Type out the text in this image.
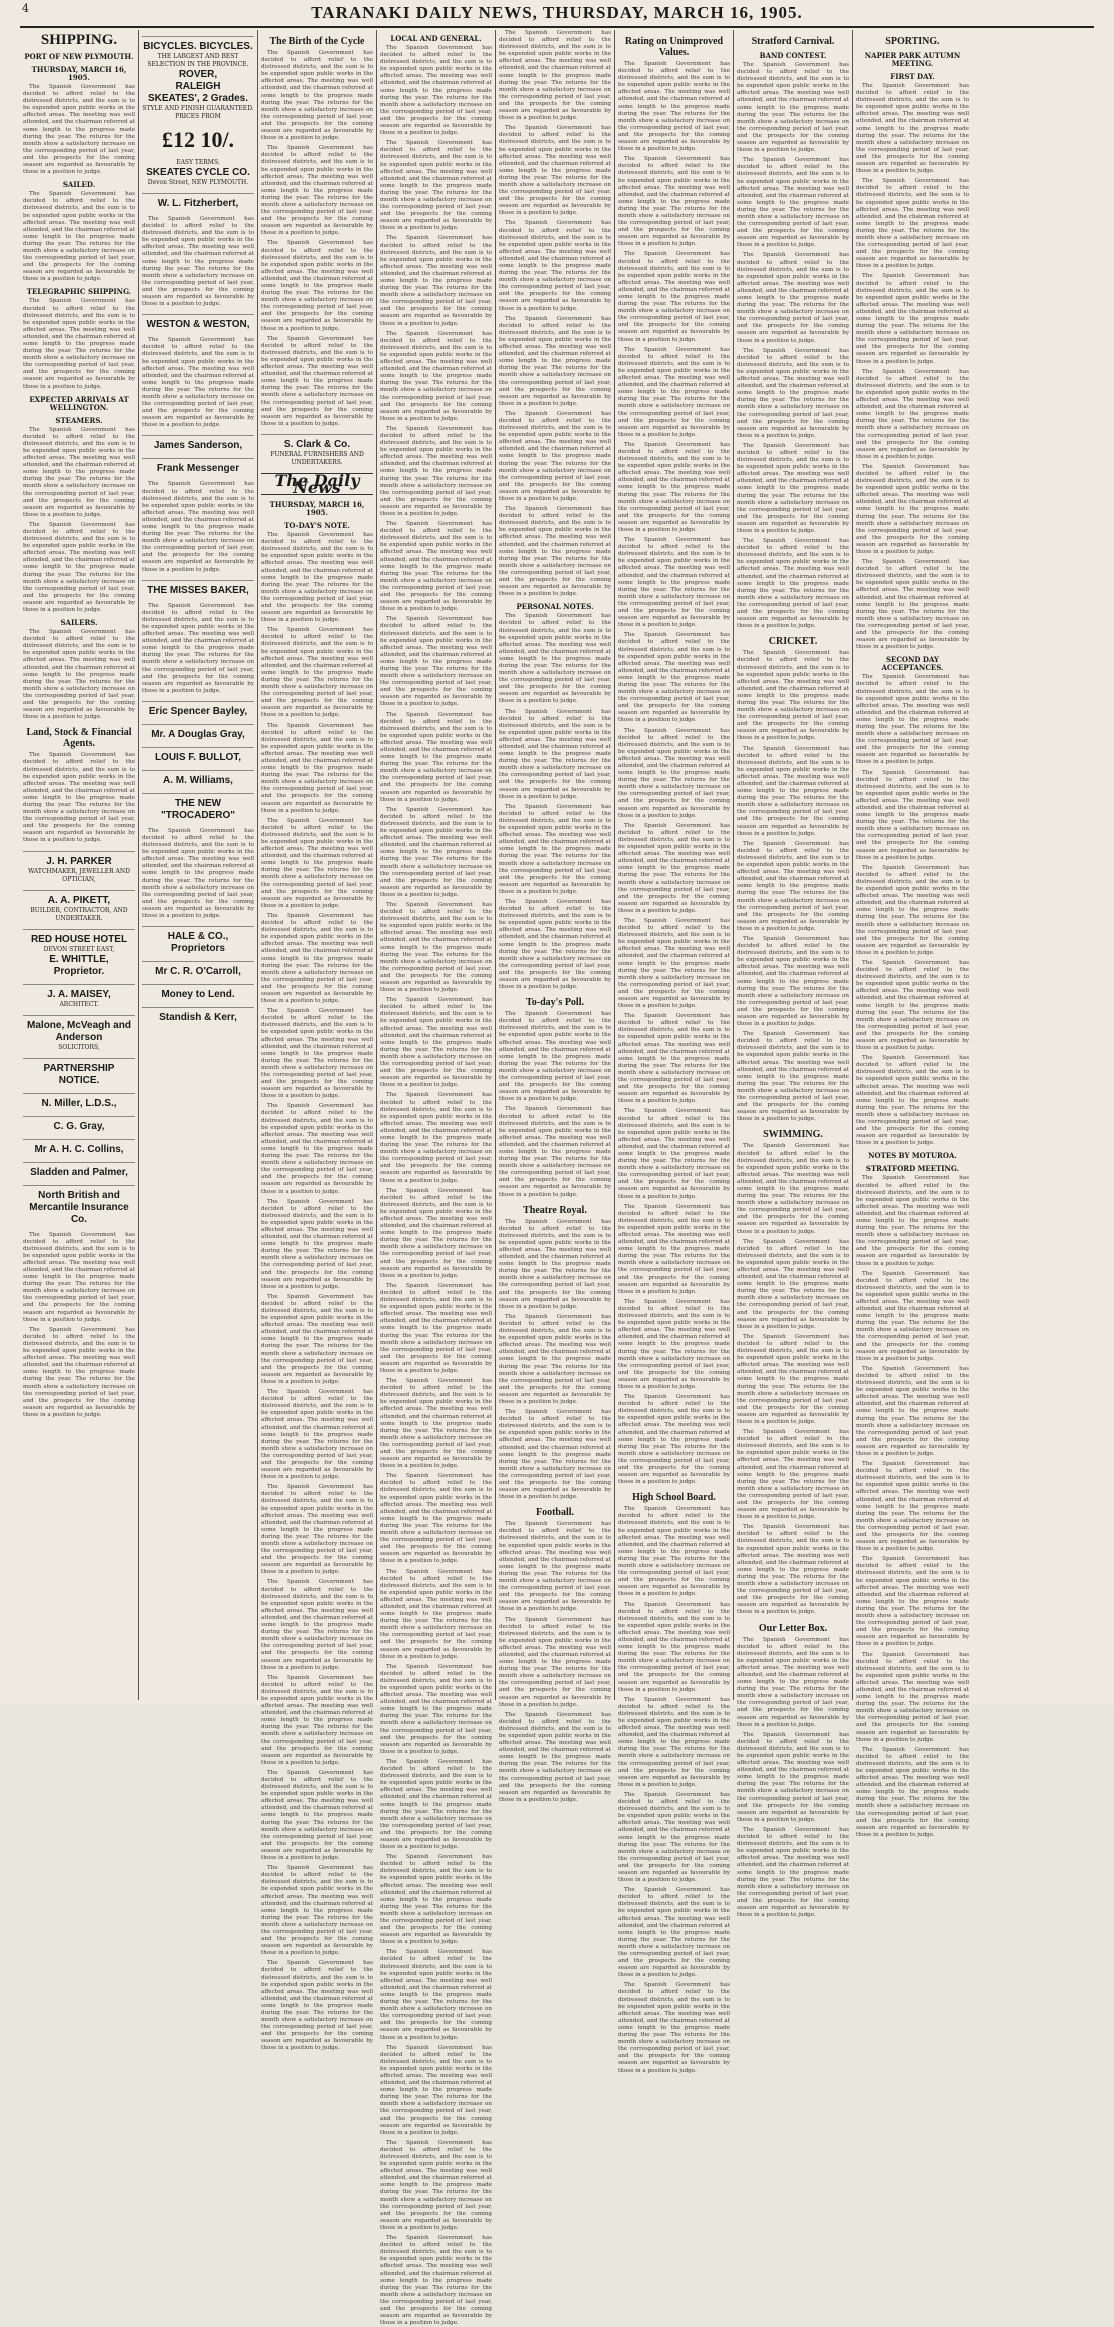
TARANAKI DAILY NEWS, THURSDAY, MARCH 16, 1905.
4
SHIPPING.
PORT OF NEW PLYMOUTH.
THURSDAY, MARCH 16, 1905.

The Spanish Government has decided to afford relief to the distressed districts, and the sum is to be expended upon public works in the affected areas. The meeting was well attended, and the chairman referred at some length to the progress made during the year. The returns for the month show a satisfactory increase on the corresponding period of last year, and the prospects for the coming season are regarded as favourable by those in a position to judge.

SAILED.

The Spanish Government has decided to afford relief to the distressed districts, and the sum is to be expended upon public works in the affected areas. The meeting was well attended, and the chairman referred at some length to the progress made during the year. The returns for the month show a satisfactory increase on the corresponding period of last year, and the prospects for the coming season are regarded as favourable by those in a position to judge.

TELEGRAPHIC SHIPPING.

The Spanish Government has decided to afford relief to the distressed districts, and the sum is to be expended upon public works in the affected areas. The meeting was well attended, and the chairman referred at some length to the progress made during the year. The returns for the month show a satisfactory increase on the corresponding period of last year, and the prospects for the coming season are regarded as favourable by those in a position to judge.

EXPECTED ARRIVALS AT WELLINGTON.
STEAMERS.

The Spanish Government has decided to afford relief to the distressed districts, and the sum is to be expended upon public works in the affected areas. The meeting was well attended, and the chairman referred at some length to the progress made during the year. The returns for the month show a satisfactory increase on the corresponding period of last year, and the prospects for the coming season are regarded as favourable by those in a position to judge.

The Spanish Government has decided to afford relief to the distressed districts, and the sum is to be expended upon public works in the affected areas. The meeting was well attended, and the chairman referred at some length to the progress made during the year. The returns for the month show a satisfactory increase on the corresponding period of last year, and the prospects for the coming season are regarded as favourable by those in a position to judge.

SAILERS.

The Spanish Government has decided to afford relief to the distressed districts, and the sum is to be expended upon public works in the affected areas. The meeting was well attended, and the chairman referred at some length to the progress made during the year. The returns for the month show a satisfactory increase on the corresponding period of last year, and the prospects for the coming season are regarded as favourable by those in a position to judge.

Land, Stock & Financial Agents.

The Spanish Government has decided to afford relief to the distressed districts, and the sum is to be expended upon public works in the affected areas. The meeting was well attended, and the chairman referred at some length to the progress made during the year. The returns for the month show a satisfactory increase on the corresponding period of last year, and the prospects for the coming season are regarded as favourable by those in a position to judge.

J. H. PARKER
WATCHMAKER, JEWELLER AND OPTICIAN,
A. A. PIKETT,
BUILDER, CONTRACTOR, AND UNDERTAKER.
RED HOUSE HOTEL
DEVON STREET EAST,
E. WHITTLE, Proprietor.
J. A. MAISEY,
ARCHITECT.
Malone, McVeagh and Anderson
SOLICITORS,
PARTNERSHIP NOTICE.
N. Miller, L.D.S.,
C. G. Gray,
Mr A. H. C. Collins,
Sladden and Palmer,
North British and Mercantile Insurance Co.

The Spanish Government has decided to afford relief to the distressed districts, and the sum is to be expended upon public works in the affected areas. The meeting was well attended, and the chairman referred at some length to the progress made during the year. The returns for the month show a satisfactory increase on the corresponding period of last year, and the prospects for the coming season are regarded as favourable by those in a position to judge.

The Spanish Government has decided to afford relief to the distressed districts, and the sum is to be expended upon public works in the affected areas. The meeting was well attended, and the chairman referred at some length to the progress made during the year. The returns for the month show a satisfactory increase on the corresponding period of last year, and the prospects for the coming season are regarded as favourable by those in a position to judge.

BICYCLES. BICYCLES.
THE LARGEST AND BEST SELECTION IN THE PROVINCE.
ROVER,
RALEIGH
SKEATES', 2 Grades.
STYLE AND FINISH GUARANTEED.
PRICES FROM
£12 10/.
EASY TERMS.
SKEATES CYCLE CO.
Devon Street, NEW PLYMOUTH.
W. L. Fitzherbert,

The Spanish Government has decided to afford relief to the distressed districts, and the sum is to be expended upon public works in the affected areas. The meeting was well attended, and the chairman referred at some length to the progress made during the year. The returns for the month show a satisfactory increase on the corresponding period of last year, and the prospects for the coming season are regarded as favourable by those in a position to judge.

WESTON & WESTON,

The Spanish Government has decided to afford relief to the distressed districts, and the sum is to be expended upon public works in the affected areas. The meeting was well attended, and the chairman referred at some length to the progress made during the year. The returns for the month show a satisfactory increase on the corresponding period of last year, and the prospects for the coming season are regarded as favourable by those in a position to judge.

James Sanderson,
Frank Messenger

The Spanish Government has decided to afford relief to the distressed districts, and the sum is to be expended upon public works in the affected areas. The meeting was well attended, and the chairman referred at some length to the progress made during the year. The returns for the month show a satisfactory increase on the corresponding period of last year, and the prospects for the coming season are regarded as favourable by those in a position to judge.

THE MISSES BAKER,

The Spanish Government has decided to afford relief to the distressed districts, and the sum is to be expended upon public works in the affected areas. The meeting was well attended, and the chairman referred at some length to the progress made during the year. The returns for the month show a satisfactory increase on the corresponding period of last year, and the prospects for the coming season are regarded as favourable by those in a position to judge.

Eric Spencer Bayley,
Mr. A Douglas Gray,
LOUIS F. BULLOT,
A. M. Williams,
THE NEW "TROCADERO"

The Spanish Government has decided to afford relief to the distressed districts, and the sum is to be expended upon public works in the affected areas. The meeting was well attended, and the chairman referred at some length to the progress made during the year. The returns for the month show a satisfactory increase on the corresponding period of last year, and the prospects for the coming season are regarded as favourable by those in a position to judge.

HALE & CO., Proprietors
Mr C. R. O'Carroll,
Money to Lend.
Standish & Kerr,
The Birth of the Cycle

The Spanish Government has decided to afford relief to the distressed districts, and the sum is to be expended upon public works in the affected areas. The meeting was well attended, and the chairman referred at some length to the progress made during the year. The returns for the month show a satisfactory increase on the corresponding period of last year, and the prospects for the coming season are regarded as favourable by those in a position to judge.

The Spanish Government has decided to afford relief to the distressed districts, and the sum is to be expended upon public works in the affected areas. The meeting was well attended, and the chairman referred at some length to the progress made during the year. The returns for the month show a satisfactory increase on the corresponding period of last year, and the prospects for the coming season are regarded as favourable by those in a position to judge.

The Spanish Government has decided to afford relief to the distressed districts, and the sum is to be expended upon public works in the affected areas. The meeting was well attended, and the chairman referred at some length to the progress made during the year. The returns for the month show a satisfactory increase on the corresponding period of last year, and the prospects for the coming season are regarded as favourable by those in a position to judge.

The Spanish Government has decided to afford relief to the distressed districts, and the sum is to be expended upon public works in the affected areas. The meeting was well attended, and the chairman referred at some length to the progress made during the year. The returns for the month show a satisfactory increase on the corresponding period of last year, and the prospects for the coming season are regarded as favourable by those in a position to judge.

S. Clark & Co.
FUNERAL FURNISHERS AND UNDERTAKERS.
The Daily News
THURSDAY, MARCH 16, 1905.
TO-DAY'S NOTE.

The Spanish Government has decided to afford relief to the distressed districts, and the sum is to be expended upon public works in the affected areas. The meeting was well attended, and the chairman referred at some length to the progress made during the year. The returns for the month show a satisfactory increase on the corresponding period of last year, and the prospects for the coming season are regarded as favourable by those in a position to judge.

The Spanish Government has decided to afford relief to the distressed districts, and the sum is to be expended upon public works in the affected areas. The meeting was well attended, and the chairman referred at some length to the progress made during the year. The returns for the month show a satisfactory increase on the corresponding period of last year, and the prospects for the coming season are regarded as favourable by those in a position to judge.

The Spanish Government has decided to afford relief to the distressed districts, and the sum is to be expended upon public works in the affected areas. The meeting was well attended, and the chairman referred at some length to the progress made during the year. The returns for the month show a satisfactory increase on the corresponding period of last year, and the prospects for the coming season are regarded as favourable by those in a position to judge.

The Spanish Government has decided to afford relief to the distressed districts, and the sum is to be expended upon public works in the affected areas. The meeting was well attended, and the chairman referred at some length to the progress made during the year. The returns for the month show a satisfactory increase on the corresponding period of last year, and the prospects for the coming season are regarded as favourable by those in a position to judge.

The Spanish Government has decided to afford relief to the distressed districts, and the sum is to be expended upon public works in the affected areas. The meeting was well attended, and the chairman referred at some length to the progress made during the year. The returns for the month show a satisfactory increase on the corresponding period of last year, and the prospects for the coming season are regarded as favourable by those in a position to judge.

The Spanish Government has decided to afford relief to the distressed districts, and the sum is to be expended upon public works in the affected areas. The meeting was well attended, and the chairman referred at some length to the progress made during the year. The returns for the month show a satisfactory increase on the corresponding period of last year, and the prospects for the coming season are regarded as favourable by those in a position to judge.

The Spanish Government has decided to afford relief to the distressed districts, and the sum is to be expended upon public works in the affected areas. The meeting was well attended, and the chairman referred at some length to the progress made during the year. The returns for the month show a satisfactory increase on the corresponding period of last year, and the prospects for the coming season are regarded as favourable by those in a position to judge.

The Spanish Government has decided to afford relief to the distressed districts, and the sum is to be expended upon public works in the affected areas. The meeting was well attended, and the chairman referred at some length to the progress made during the year. The returns for the month show a satisfactory increase on the corresponding period of last year, and the prospects for the coming season are regarded as favourable by those in a position to judge.

The Spanish Government has decided to afford relief to the distressed districts, and the sum is to be expended upon public works in the affected areas. The meeting was well attended, and the chairman referred at some length to the progress made during the year. The returns for the month show a satisfactory increase on the corresponding period of last year, and the prospects for the coming season are regarded as favourable by those in a position to judge.

The Spanish Government has decided to afford relief to the distressed districts, and the sum is to be expended upon public works in the affected areas. The meeting was well attended, and the chairman referred at some length to the progress made during the year. The returns for the month show a satisfactory increase on the corresponding period of last year, and the prospects for the coming season are regarded as favourable by those in a position to judge.

The Spanish Government has decided to afford relief to the distressed districts, and the sum is to be expended upon public works in the affected areas. The meeting was well attended, and the chairman referred at some length to the progress made during the year. The returns for the month show a satisfactory increase on the corresponding period of last year, and the prospects for the coming season are regarded as favourable by those in a position to judge.

The Spanish Government has decided to afford relief to the distressed districts, and the sum is to be expended upon public works in the affected areas. The meeting was well attended, and the chairman referred at some length to the progress made during the year. The returns for the month show a satisfactory increase on the corresponding period of last year, and the prospects for the coming season are regarded as favourable by those in a position to judge.

The Spanish Government has decided to afford relief to the distressed districts, and the sum is to be expended upon public works in the affected areas. The meeting was well attended, and the chairman referred at some length to the progress made during the year. The returns for the month show a satisfactory increase on the corresponding period of last year, and the prospects for the coming season are regarded as favourable by those in a position to judge.

The Spanish Government has decided to afford relief to the distressed districts, and the sum is to be expended upon public works in the affected areas. The meeting was well attended, and the chairman referred at some length to the progress made during the year. The returns for the month show a satisfactory increase on the corresponding period of last year, and the prospects for the coming season are regarded as favourable by those in a position to judge.

The Spanish Government has decided to afford relief to the distressed districts, and the sum is to be expended upon public works in the affected areas. The meeting was well attended, and the chairman referred at some length to the progress made during the year. The returns for the month show a satisfactory increase on the corresponding period of last year, and the prospects for the coming season are regarded as favourable by those in a position to judge.

The Spanish Government has decided to afford relief to the distressed districts, and the sum is to be expended upon public works in the affected areas. The meeting was well attended, and the chairman referred at some length to the progress made during the year. The returns for the month show a satisfactory increase on the corresponding period of last year, and the prospects for the coming season are regarded as favourable by those in a position to judge.

LOCAL AND GENERAL.

The Spanish Government has decided to afford relief to the distressed districts, and the sum is to be expended upon public works in the affected areas. The meeting was well attended, and the chairman referred at some length to the progress made during the year. The returns for the month show a satisfactory increase on the corresponding period of last year, and the prospects for the coming season are regarded as favourable by those in a position to judge.

The Spanish Government has decided to afford relief to the distressed districts, and the sum is to be expended upon public works in the affected areas. The meeting was well attended, and the chairman referred at some length to the progress made during the year. The returns for the month show a satisfactory increase on the corresponding period of last year, and the prospects for the coming season are regarded as favourable by those in a position to judge.

The Spanish Government has decided to afford relief to the distressed districts, and the sum is to be expended upon public works in the affected areas. The meeting was well attended, and the chairman referred at some length to the progress made during the year. The returns for the month show a satisfactory increase on the corresponding period of last year, and the prospects for the coming season are regarded as favourable by those in a position to judge.

The Spanish Government has decided to afford relief to the distressed districts, and the sum is to be expended upon public works in the affected areas. The meeting was well attended, and the chairman referred at some length to the progress made during the year. The returns for the month show a satisfactory increase on the corresponding period of last year, and the prospects for the coming season are regarded as favourable by those in a position to judge.

The Spanish Government has decided to afford relief to the distressed districts, and the sum is to be expended upon public works in the affected areas. The meeting was well attended, and the chairman referred at some length to the progress made during the year. The returns for the month show a satisfactory increase on the corresponding period of last year, and the prospects for the coming season are regarded as favourable by those in a position to judge.

The Spanish Government has decided to afford relief to the distressed districts, and the sum is to be expended upon public works in the affected areas. The meeting was well attended, and the chairman referred at some length to the progress made during the year. The returns for the month show a satisfactory increase on the corresponding period of last year, and the prospects for the coming season are regarded as favourable by those in a position to judge.

The Spanish Government has decided to afford relief to the distressed districts, and the sum is to be expended upon public works in the affected areas. The meeting was well attended, and the chairman referred at some length to the progress made during the year. The returns for the month show a satisfactory increase on the corresponding period of last year, and the prospects for the coming season are regarded as favourable by those in a position to judge.

The Spanish Government has decided to afford relief to the distressed districts, and the sum is to be expended upon public works in the affected areas. The meeting was well attended, and the chairman referred at some length to the progress made during the year. The returns for the month show a satisfactory increase on the corresponding period of last year, and the prospects for the coming season are regarded as favourable by those in a position to judge.

The Spanish Government has decided to afford relief to the distressed districts, and the sum is to be expended upon public works in the affected areas. The meeting was well attended, and the chairman referred at some length to the progress made during the year. The returns for the month show a satisfactory increase on the corresponding period of last year, and the prospects for the coming season are regarded as favourable by those in a position to judge.

The Spanish Government has decided to afford relief to the distressed districts, and the sum is to be expended upon public works in the affected areas. The meeting was well attended, and the chairman referred at some length to the progress made during the year. The returns for the month show a satisfactory increase on the corresponding period of last year, and the prospects for the coming season are regarded as favourable by those in a position to judge.

The Spanish Government has decided to afford relief to the distressed districts, and the sum is to be expended upon public works in the affected areas. The meeting was well attended, and the chairman referred at some length to the progress made during the year. The returns for the month show a satisfactory increase on the corresponding period of last year, and the prospects for the coming season are regarded as favourable by those in a position to judge.

The Spanish Government has decided to afford relief to the distressed districts, and the sum is to be expended upon public works in the affected areas. The meeting was well attended, and the chairman referred at some length to the progress made during the year. The returns for the month show a satisfactory increase on the corresponding period of last year, and the prospects for the coming season are regarded as favourable by those in a position to judge.

The Spanish Government has decided to afford relief to the distressed districts, and the sum is to be expended upon public works in the affected areas. The meeting was well attended, and the chairman referred at some length to the progress made during the year. The returns for the month show a satisfactory increase on the corresponding period of last year, and the prospects for the coming season are regarded as favourable by those in a position to judge.

The Spanish Government has decided to afford relief to the distressed districts, and the sum is to be expended upon public works in the affected areas. The meeting was well attended, and the chairman referred at some length to the progress made during the year. The returns for the month show a satisfactory increase on the corresponding period of last year, and the prospects for the coming season are regarded as favourable by those in a position to judge.

The Spanish Government has decided to afford relief to the distressed districts, and the sum is to be expended upon public works in the affected areas. The meeting was well attended, and the chairman referred at some length to the progress made during the year. The returns for the month show a satisfactory increase on the corresponding period of last year, and the prospects for the coming season are regarded as favourable by those in a position to judge.

The Spanish Government has decided to afford relief to the distressed districts, and the sum is to be expended upon public works in the affected areas. The meeting was well attended, and the chairman referred at some length to the progress made during the year. The returns for the month show a satisfactory increase on the corresponding period of last year, and the prospects for the coming season are regarded as favourable by those in a position to judge.

The Spanish Government has decided to afford relief to the distressed districts, and the sum is to be expended upon public works in the affected areas. The meeting was well attended, and the chairman referred at some length to the progress made during the year. The returns for the month show a satisfactory increase on the corresponding period of last year, and the prospects for the coming season are regarded as favourable by those in a position to judge.

The Spanish Government has decided to afford relief to the distressed districts, and the sum is to be expended upon public works in the affected areas. The meeting was well attended, and the chairman referred at some length to the progress made during the year. The returns for the month show a satisfactory increase on the corresponding period of last year, and the prospects for the coming season are regarded as favourable by those in a position to judge.

The Spanish Government has decided to afford relief to the distressed districts, and the sum is to be expended upon public works in the affected areas. The meeting was well attended, and the chairman referred at some length to the progress made during the year. The returns for the month show a satisfactory increase on the corresponding period of last year, and the prospects for the coming season are regarded as favourable by those in a position to judge.

The Spanish Government has decided to afford relief to the distressed districts, and the sum is to be expended upon public works in the affected areas. The meeting was well attended, and the chairman referred at some length to the progress made during the year. The returns for the month show a satisfactory increase on the corresponding period of last year, and the prospects for the coming season are regarded as favourable by those in a position to judge.

The Spanish Government has decided to afford relief to the distressed districts, and the sum is to be expended upon public works in the affected areas. The meeting was well attended, and the chairman referred at some length to the progress made during the year. The returns for the month show a satisfactory increase on the corresponding period of last year, and the prospects for the coming season are regarded as favourable by those in a position to judge.

The Spanish Government has decided to afford relief to the distressed districts, and the sum is to be expended upon public works in the affected areas. The meeting was well attended, and the chairman referred at some length to the progress made during the year. The returns for the month show a satisfactory increase on the corresponding period of last year, and the prospects for the coming season are regarded as favourable by those in a position to judge.

The Spanish Government has decided to afford relief to the distressed districts, and the sum is to be expended upon public works in the affected areas. The meeting was well attended, and the chairman referred at some length to the progress made during the year. The returns for the month show a satisfactory increase on the corresponding period of last year, and the prospects for the coming season are regarded as favourable by those in a position to judge.

The Spanish Government has decided to afford relief to the distressed districts, and the sum is to be expended upon public works in the affected areas. The meeting was well attended, and the chairman referred at some length to the progress made during the year. The returns for the month show a satisfactory increase on the corresponding period of last year, and the prospects for the coming season are regarded as favourable by those in a position to judge.

The Spanish Government has decided to afford relief to the distressed districts, and the sum is to be expended upon public works in the affected areas. The meeting was well attended, and the chairman referred at some length to the progress made during the year. The returns for the month show a satisfactory increase on the corresponding period of last year, and the prospects for the coming season are regarded as favourable by those in a position to judge.

The Spanish Government has decided to afford relief to the distressed districts, and the sum is to be expended upon public works in the affected areas. The meeting was well attended, and the chairman referred at some length to the progress made during the year. The returns for the month show a satisfactory increase on the corresponding period of last year, and the prospects for the coming season are regarded as favourable by those in a position to judge.

The Spanish Government has decided to afford relief to the distressed districts, and the sum is to be expended upon public works in the affected areas. The meeting was well attended, and the chairman referred at some length to the progress made during the year. The returns for the month show a satisfactory increase on the corresponding period of last year, and the prospects for the coming season are regarded as favourable by those in a position to judge.

The Spanish Government has decided to afford relief to the distressed districts, and the sum is to be expended upon public works in the affected areas. The meeting was well attended, and the chairman referred at some length to the progress made during the year. The returns for the month show a satisfactory increase on the corresponding period of last year, and the prospects for the coming season are regarded as favourable by those in a position to judge.

The Spanish Government has decided to afford relief to the distressed districts, and the sum is to be expended upon public works in the affected areas. The meeting was well attended, and the chairman referred at some length to the progress made during the year. The returns for the month show a satisfactory increase on the corresponding period of last year, and the prospects for the coming season are regarded as favourable by those in a position to judge.

The Spanish Government has decided to afford relief to the distressed districts, and the sum is to be expended upon public works in the affected areas. The meeting was well attended, and the chairman referred at some length to the progress made during the year. The returns for the month show a satisfactory increase on the corresponding period of last year, and the prospects for the coming season are regarded as favourable by those in a position to judge.

PERSONAL NOTES.

The Spanish Government has decided to afford relief to the distressed districts, and the sum is to be expended upon public works in the affected areas. The meeting was well attended, and the chairman referred at some length to the progress made during the year. The returns for the month show a satisfactory increase on the corresponding period of last year, and the prospects for the coming season are regarded as favourable by those in a position to judge.

The Spanish Government has decided to afford relief to the distressed districts, and the sum is to be expended upon public works in the affected areas. The meeting was well attended, and the chairman referred at some length to the progress made during the year. The returns for the month show a satisfactory increase on the corresponding period of last year, and the prospects for the coming season are regarded as favourable by those in a position to judge.

The Spanish Government has decided to afford relief to the distressed districts, and the sum is to be expended upon public works in the affected areas. The meeting was well attended, and the chairman referred at some length to the progress made during the year. The returns for the month show a satisfactory increase on the corresponding period of last year, and the prospects for the coming season are regarded as favourable by those in a position to judge.

The Spanish Government has decided to afford relief to the distressed districts, and the sum is to be expended upon public works in the affected areas. The meeting was well attended, and the chairman referred at some length to the progress made during the year. The returns for the month show a satisfactory increase on the corresponding period of last year, and the prospects for the coming season are regarded as favourable by those in a position to judge.

To-day's Poll.

The Spanish Government has decided to afford relief to the distressed districts, and the sum is to be expended upon public works in the affected areas. The meeting was well attended, and the chairman referred at some length to the progress made during the year. The returns for the month show a satisfactory increase on the corresponding period of last year, and the prospects for the coming season are regarded as favourable by those in a position to judge.

The Spanish Government has decided to afford relief to the distressed districts, and the sum is to be expended upon public works in the affected areas. The meeting was well attended, and the chairman referred at some length to the progress made during the year. The returns for the month show a satisfactory increase on the corresponding period of last year, and the prospects for the coming season are regarded as favourable by those in a position to judge.

Theatre Royal.

The Spanish Government has decided to afford relief to the distressed districts, and the sum is to be expended upon public works in the affected areas. The meeting was well attended, and the chairman referred at some length to the progress made during the year. The returns for the month show a satisfactory increase on the corresponding period of last year, and the prospects for the coming season are regarded as favourable by those in a position to judge.

The Spanish Government has decided to afford relief to the distressed districts, and the sum is to be expended upon public works in the affected areas. The meeting was well attended, and the chairman referred at some length to the progress made during the year. The returns for the month show a satisfactory increase on the corresponding period of last year, and the prospects for the coming season are regarded as favourable by those in a position to judge.

The Spanish Government has decided to afford relief to the distressed districts, and the sum is to be expended upon public works in the affected areas. The meeting was well attended, and the chairman referred at some length to the progress made during the year. The returns for the month show a satisfactory increase on the corresponding period of last year, and the prospects for the coming season are regarded as favourable by those in a position to judge.

Football.

The Spanish Government has decided to afford relief to the distressed districts, and the sum is to be expended upon public works in the affected areas. The meeting was well attended, and the chairman referred at some length to the progress made during the year. The returns for the month show a satisfactory increase on the corresponding period of last year, and the prospects for the coming season are regarded as favourable by those in a position to judge.

The Spanish Government has decided to afford relief to the distressed districts, and the sum is to be expended upon public works in the affected areas. The meeting was well attended, and the chairman referred at some length to the progress made during the year. The returns for the month show a satisfactory increase on the corresponding period of last year, and the prospects for the coming season are regarded as favourable by those in a position to judge.

The Spanish Government has decided to afford relief to the distressed districts, and the sum is to be expended upon public works in the affected areas. The meeting was well attended, and the chairman referred at some length to the progress made during the year. The returns for the month show a satisfactory increase on the corresponding period of last year, and the prospects for the coming season are regarded as favourable by those in a position to judge.

Rating on Unimproved Values.

The Spanish Government has decided to afford relief to the distressed districts, and the sum is to be expended upon public works in the affected areas. The meeting was well attended, and the chairman referred at some length to the progress made during the year. The returns for the month show a satisfactory increase on the corresponding period of last year, and the prospects for the coming season are regarded as favourable by those in a position to judge.

The Spanish Government has decided to afford relief to the distressed districts, and the sum is to be expended upon public works in the affected areas. The meeting was well attended, and the chairman referred at some length to the progress made during the year. The returns for the month show a satisfactory increase on the corresponding period of last year, and the prospects for the coming season are regarded as favourable by those in a position to judge.

The Spanish Government has decided to afford relief to the distressed districts, and the sum is to be expended upon public works in the affected areas. The meeting was well attended, and the chairman referred at some length to the progress made during the year. The returns for the month show a satisfactory increase on the corresponding period of last year, and the prospects for the coming season are regarded as favourable by those in a position to judge.

The Spanish Government has decided to afford relief to the distressed districts, and the sum is to be expended upon public works in the affected areas. The meeting was well attended, and the chairman referred at some length to the progress made during the year. The returns for the month show a satisfactory increase on the corresponding period of last year, and the prospects for the coming season are regarded as favourable by those in a position to judge.

The Spanish Government has decided to afford relief to the distressed districts, and the sum is to be expended upon public works in the affected areas. The meeting was well attended, and the chairman referred at some length to the progress made during the year. The returns for the month show a satisfactory increase on the corresponding period of last year, and the prospects for the coming season are regarded as favourable by those in a position to judge.

The Spanish Government has decided to afford relief to the distressed districts, and the sum is to be expended upon public works in the affected areas. The meeting was well attended, and the chairman referred at some length to the progress made during the year. The returns for the month show a satisfactory increase on the corresponding period of last year, and the prospects for the coming season are regarded as favourable by those in a position to judge.

The Spanish Government has decided to afford relief to the distressed districts, and the sum is to be expended upon public works in the affected areas. The meeting was well attended, and the chairman referred at some length to the progress made during the year. The returns for the month show a satisfactory increase on the corresponding period of last year, and the prospects for the coming season are regarded as favourable by those in a position to judge.

The Spanish Government has decided to afford relief to the distressed districts, and the sum is to be expended upon public works in the affected areas. The meeting was well attended, and the chairman referred at some length to the progress made during the year. The returns for the month show a satisfactory increase on the corresponding period of last year, and the prospects for the coming season are regarded as favourable by those in a position to judge.

The Spanish Government has decided to afford relief to the distressed districts, and the sum is to be expended upon public works in the affected areas. The meeting was well attended, and the chairman referred at some length to the progress made during the year. The returns for the month show a satisfactory increase on the corresponding period of last year, and the prospects for the coming season are regarded as favourable by those in a position to judge.

The Spanish Government has decided to afford relief to the distressed districts, and the sum is to be expended upon public works in the affected areas. The meeting was well attended, and the chairman referred at some length to the progress made during the year. The returns for the month show a satisfactory increase on the corresponding period of last year, and the prospects for the coming season are regarded as favourable by those in a position to judge.

The Spanish Government has decided to afford relief to the distressed districts, and the sum is to be expended upon public works in the affected areas. The meeting was well attended, and the chairman referred at some length to the progress made during the year. The returns for the month show a satisfactory increase on the corresponding period of last year, and the prospects for the coming season are regarded as favourable by those in a position to judge.

The Spanish Government has decided to afford relief to the distressed districts, and the sum is to be expended upon public works in the affected areas. The meeting was well attended, and the chairman referred at some length to the progress made during the year. The returns for the month show a satisfactory increase on the corresponding period of last year, and the prospects for the coming season are regarded as favourable by those in a position to judge.

The Spanish Government has decided to afford relief to the distressed districts, and the sum is to be expended upon public works in the affected areas. The meeting was well attended, and the chairman referred at some length to the progress made during the year. The returns for the month show a satisfactory increase on the corresponding period of last year, and the prospects for the coming season are regarded as favourable by those in a position to judge.

The Spanish Government has decided to afford relief to the distressed districts, and the sum is to be expended upon public works in the affected areas. The meeting was well attended, and the chairman referred at some length to the progress made during the year. The returns for the month show a satisfactory increase on the corresponding period of last year, and the prospects for the coming season are regarded as favourable by those in a position to judge.

The Spanish Government has decided to afford relief to the distressed districts, and the sum is to be expended upon public works in the affected areas. The meeting was well attended, and the chairman referred at some length to the progress made during the year. The returns for the month show a satisfactory increase on the corresponding period of last year, and the prospects for the coming season are regarded as favourable by those in a position to judge.

High School Board.

The Spanish Government has decided to afford relief to the distressed districts, and the sum is to be expended upon public works in the affected areas. The meeting was well attended, and the chairman referred at some length to the progress made during the year. The returns for the month show a satisfactory increase on the corresponding period of last year, and the prospects for the coming season are regarded as favourable by those in a position to judge.

The Spanish Government has decided to afford relief to the distressed districts, and the sum is to be expended upon public works in the affected areas. The meeting was well attended, and the chairman referred at some length to the progress made during the year. The returns for the month show a satisfactory increase on the corresponding period of last year, and the prospects for the coming season are regarded as favourable by those in a position to judge.

The Spanish Government has decided to afford relief to the distressed districts, and the sum is to be expended upon public works in the affected areas. The meeting was well attended, and the chairman referred at some length to the progress made during the year. The returns for the month show a satisfactory increase on the corresponding period of last year, and the prospects for the coming season are regarded as favourable by those in a position to judge.

The Spanish Government has decided to afford relief to the distressed districts, and the sum is to be expended upon public works in the affected areas. The meeting was well attended, and the chairman referred at some length to the progress made during the year. The returns for the month show a satisfactory increase on the corresponding period of last year, and the prospects for the coming season are regarded as favourable by those in a position to judge.

The Spanish Government has decided to afford relief to the distressed districts, and the sum is to be expended upon public works in the affected areas. The meeting was well attended, and the chairman referred at some length to the progress made during the year. The returns for the month show a satisfactory increase on the corresponding period of last year, and the prospects for the coming season are regarded as favourable by those in a position to judge.

The Spanish Government has decided to afford relief to the distressed districts, and the sum is to be expended upon public works in the affected areas. The meeting was well attended, and the chairman referred at some length to the progress made during the year. The returns for the month show a satisfactory increase on the corresponding period of last year, and the prospects for the coming season are regarded as favourable by those in a position to judge.

Stratford Carnival.
BAND CONTEST.

The Spanish Government has decided to afford relief to the distressed districts, and the sum is to be expended upon public works in the affected areas. The meeting was well attended, and the chairman referred at some length to the progress made during the year. The returns for the month show a satisfactory increase on the corresponding period of last year, and the prospects for the coming season are regarded as favourable by those in a position to judge.

The Spanish Government has decided to afford relief to the distressed districts, and the sum is to be expended upon public works in the affected areas. The meeting was well attended, and the chairman referred at some length to the progress made during the year. The returns for the month show a satisfactory increase on the corresponding period of last year, and the prospects for the coming season are regarded as favourable by those in a position to judge.

The Spanish Government has decided to afford relief to the distressed districts, and the sum is to be expended upon public works in the affected areas. The meeting was well attended, and the chairman referred at some length to the progress made during the year. The returns for the month show a satisfactory increase on the corresponding period of last year, and the prospects for the coming season are regarded as favourable by those in a position to judge.

The Spanish Government has decided to afford relief to the distressed districts, and the sum is to be expended upon public works in the affected areas. The meeting was well attended, and the chairman referred at some length to the progress made during the year. The returns for the month show a satisfactory increase on the corresponding period of last year, and the prospects for the coming season are regarded as favourable by those in a position to judge.

The Spanish Government has decided to afford relief to the distressed districts, and the sum is to be expended upon public works in the affected areas. The meeting was well attended, and the chairman referred at some length to the progress made during the year. The returns for the month show a satisfactory increase on the corresponding period of last year, and the prospects for the coming season are regarded as favourable by those in a position to judge.

The Spanish Government has decided to afford relief to the distressed districts, and the sum is to be expended upon public works in the affected areas. The meeting was well attended, and the chairman referred at some length to the progress made during the year. The returns for the month show a satisfactory increase on the corresponding period of last year, and the prospects for the coming season are regarded as favourable by those in a position to judge.

CRICKET.

The Spanish Government has decided to afford relief to the distressed districts, and the sum is to be expended upon public works in the affected areas. The meeting was well attended, and the chairman referred at some length to the progress made during the year. The returns for the month show a satisfactory increase on the corresponding period of last year, and the prospects for the coming season are regarded as favourable by those in a position to judge.

The Spanish Government has decided to afford relief to the distressed districts, and the sum is to be expended upon public works in the affected areas. The meeting was well attended, and the chairman referred at some length to the progress made during the year. The returns for the month show a satisfactory increase on the corresponding period of last year, and the prospects for the coming season are regarded as favourable by those in a position to judge.

The Spanish Government has decided to afford relief to the distressed districts, and the sum is to be expended upon public works in the affected areas. The meeting was well attended, and the chairman referred at some length to the progress made during the year. The returns for the month show a satisfactory increase on the corresponding period of last year, and the prospects for the coming season are regarded as favourable by those in a position to judge.

The Spanish Government has decided to afford relief to the distressed districts, and the sum is to be expended upon public works in the affected areas. The meeting was well attended, and the chairman referred at some length to the progress made during the year. The returns for the month show a satisfactory increase on the corresponding period of last year, and the prospects for the coming season are regarded as favourable by those in a position to judge.

The Spanish Government has decided to afford relief to the distressed districts, and the sum is to be expended upon public works in the affected areas. The meeting was well attended, and the chairman referred at some length to the progress made during the year. The returns for the month show a satisfactory increase on the corresponding period of last year, and the prospects for the coming season are regarded as favourable by those in a position to judge.

SWIMMING.

The Spanish Government has decided to afford relief to the distressed districts, and the sum is to be expended upon public works in the affected areas. The meeting was well attended, and the chairman referred at some length to the progress made during the year. The returns for the month show a satisfactory increase on the corresponding period of last year, and the prospects for the coming season are regarded as favourable by those in a position to judge.

The Spanish Government has decided to afford relief to the distressed districts, and the sum is to be expended upon public works in the affected areas. The meeting was well attended, and the chairman referred at some length to the progress made during the year. The returns for the month show a satisfactory increase on the corresponding period of last year, and the prospects for the coming season are regarded as favourable by those in a position to judge.

The Spanish Government has decided to afford relief to the distressed districts, and the sum is to be expended upon public works in the affected areas. The meeting was well attended, and the chairman referred at some length to the progress made during the year. The returns for the month show a satisfactory increase on the corresponding period of last year, and the prospects for the coming season are regarded as favourable by those in a position to judge.

The Spanish Government has decided to afford relief to the distressed districts, and the sum is to be expended upon public works in the affected areas. The meeting was well attended, and the chairman referred at some length to the progress made during the year. The returns for the month show a satisfactory increase on the corresponding period of last year, and the prospects for the coming season are regarded as favourable by those in a position to judge.

The Spanish Government has decided to afford relief to the distressed districts, and the sum is to be expended upon public works in the affected areas. The meeting was well attended, and the chairman referred at some length to the progress made during the year. The returns for the month show a satisfactory increase on the corresponding period of last year, and the prospects for the coming season are regarded as favourable by those in a position to judge.

Our Letter Box.

The Spanish Government has decided to afford relief to the distressed districts, and the sum is to be expended upon public works in the affected areas. The meeting was well attended, and the chairman referred at some length to the progress made during the year. The returns for the month show a satisfactory increase on the corresponding period of last year, and the prospects for the coming season are regarded as favourable by those in a position to judge.

The Spanish Government has decided to afford relief to the distressed districts, and the sum is to be expended upon public works in the affected areas. The meeting was well attended, and the chairman referred at some length to the progress made during the year. The returns for the month show a satisfactory increase on the corresponding period of last year, and the prospects for the coming season are regarded as favourable by those in a position to judge.

The Spanish Government has decided to afford relief to the distressed districts, and the sum is to be expended upon public works in the affected areas. The meeting was well attended, and the chairman referred at some length to the progress made during the year. The returns for the month show a satisfactory increase on the corresponding period of last year, and the prospects for the coming season are regarded as favourable by those in a position to judge.

SPORTING.
NAPIER PARK AUTUMN MEETING.
FIRST DAY.

The Spanish Government has decided to afford relief to the distressed districts, and the sum is to be expended upon public works in the affected areas. The meeting was well attended, and the chairman referred at some length to the progress made during the year. The returns for the month show a satisfactory increase on the corresponding period of last year, and the prospects for the coming season are regarded as favourable by those in a position to judge.

The Spanish Government has decided to afford relief to the distressed districts, and the sum is to be expended upon public works in the affected areas. The meeting was well attended, and the chairman referred at some length to the progress made during the year. The returns for the month show a satisfactory increase on the corresponding period of last year, and the prospects for the coming season are regarded as favourable by those in a position to judge.

The Spanish Government has decided to afford relief to the distressed districts, and the sum is to be expended upon public works in the affected areas. The meeting was well attended, and the chairman referred at some length to the progress made during the year. The returns for the month show a satisfactory increase on the corresponding period of last year, and the prospects for the coming season are regarded as favourable by those in a position to judge.

The Spanish Government has decided to afford relief to the distressed districts, and the sum is to be expended upon public works in the affected areas. The meeting was well attended, and the chairman referred at some length to the progress made during the year. The returns for the month show a satisfactory increase on the corresponding period of last year, and the prospects for the coming season are regarded as favourable by those in a position to judge.

The Spanish Government has decided to afford relief to the distressed districts, and the sum is to be expended upon public works in the affected areas. The meeting was well attended, and the chairman referred at some length to the progress made during the year. The returns for the month show a satisfactory increase on the corresponding period of last year, and the prospects for the coming season are regarded as favourable by those in a position to judge.

The Spanish Government has decided to afford relief to the distressed districts, and the sum is to be expended upon public works in the affected areas. The meeting was well attended, and the chairman referred at some length to the progress made during the year. The returns for the month show a satisfactory increase on the corresponding period of last year, and the prospects for the coming season are regarded as favourable by those in a position to judge.

SECOND DAY ACCEPTANCES.

The Spanish Government has decided to afford relief to the distressed districts, and the sum is to be expended upon public works in the affected areas. The meeting was well attended, and the chairman referred at some length to the progress made during the year. The returns for the month show a satisfactory increase on the corresponding period of last year, and the prospects for the coming season are regarded as favourable by those in a position to judge.

The Spanish Government has decided to afford relief to the distressed districts, and the sum is to be expended upon public works in the affected areas. The meeting was well attended, and the chairman referred at some length to the progress made during the year. The returns for the month show a satisfactory increase on the corresponding period of last year, and the prospects for the coming season are regarded as favourable by those in a position to judge.

The Spanish Government has decided to afford relief to the distressed districts, and the sum is to be expended upon public works in the affected areas. The meeting was well attended, and the chairman referred at some length to the progress made during the year. The returns for the month show a satisfactory increase on the corresponding period of last year, and the prospects for the coming season are regarded as favourable by those in a position to judge.

The Spanish Government has decided to afford relief to the distressed districts, and the sum is to be expended upon public works in the affected areas. The meeting was well attended, and the chairman referred at some length to the progress made during the year. The returns for the month show a satisfactory increase on the corresponding period of last year, and the prospects for the coming season are regarded as favourable by those in a position to judge.

The Spanish Government has decided to afford relief to the distressed districts, and the sum is to be expended upon public works in the affected areas. The meeting was well attended, and the chairman referred at some length to the progress made during the year. The returns for the month show a satisfactory increase on the corresponding period of last year, and the prospects for the coming season are regarded as favourable by those in a position to judge.

NOTES BY MOTUROA.
STRATFORD MEETING.

The Spanish Government has decided to afford relief to the distressed districts, and the sum is to be expended upon public works in the affected areas. The meeting was well attended, and the chairman referred at some length to the progress made during the year. The returns for the month show a satisfactory increase on the corresponding period of last year, and the prospects for the coming season are regarded as favourable by those in a position to judge.

The Spanish Government has decided to afford relief to the distressed districts, and the sum is to be expended upon public works in the affected areas. The meeting was well attended, and the chairman referred at some length to the progress made during the year. The returns for the month show a satisfactory increase on the corresponding period of last year, and the prospects for the coming season are regarded as favourable by those in a position to judge.

The Spanish Government has decided to afford relief to the distressed districts, and the sum is to be expended upon public works in the affected areas. The meeting was well attended, and the chairman referred at some length to the progress made during the year. The returns for the month show a satisfactory increase on the corresponding period of last year, and the prospects for the coming season are regarded as favourable by those in a position to judge.

The Spanish Government has decided to afford relief to the distressed districts, and the sum is to be expended upon public works in the affected areas. The meeting was well attended, and the chairman referred at some length to the progress made during the year. The returns for the month show a satisfactory increase on the corresponding period of last year, and the prospects for the coming season are regarded as favourable by those in a position to judge.

The Spanish Government has decided to afford relief to the distressed districts, and the sum is to be expended upon public works in the affected areas. The meeting was well attended, and the chairman referred at some length to the progress made during the year. The returns for the month show a satisfactory increase on the corresponding period of last year, and the prospects for the coming season are regarded as favourable by those in a position to judge.

The Spanish Government has decided to afford relief to the distressed districts, and the sum is to be expended upon public works in the affected areas. The meeting was well attended, and the chairman referred at some length to the progress made during the year. The returns for the month show a satisfactory increase on the corresponding period of last year, and the prospects for the coming season are regarded as favourable by those in a position to judge.

The Spanish Government has decided to afford relief to the distressed districts, and the sum is to be expended upon public works in the affected areas. The meeting was well attended, and the chairman referred at some length to the progress made during the year. The returns for the month show a satisfactory increase on the corresponding period of last year, and the prospects for the coming season are regarded as favourable by those in a position to judge.
